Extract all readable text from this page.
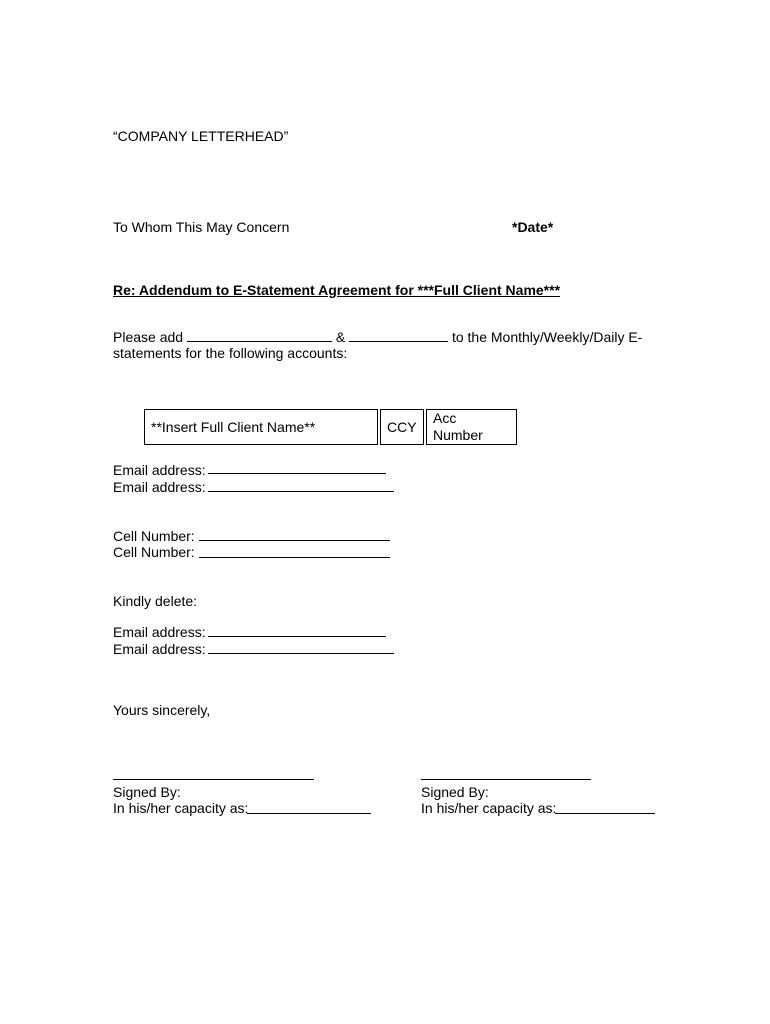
“COMPANY LETTERHEAD”
To Whom This May Concern	*Date*
Re: Addendum to E-Statement Agreement for ***Full Client Name***
Please add	&	to the Monthly/Weekly/Daily E-
statements for the following accounts:
**Insert Full Client Name**		CCY		Acc Number
Email address:
Email address:
Cell Number:
Cell Number:
Kindly delete:
Email address:
Email address:
Yours sincerely,
Signed By:
In his/her capacity as:
Signed By:
In his/her capacity as:
